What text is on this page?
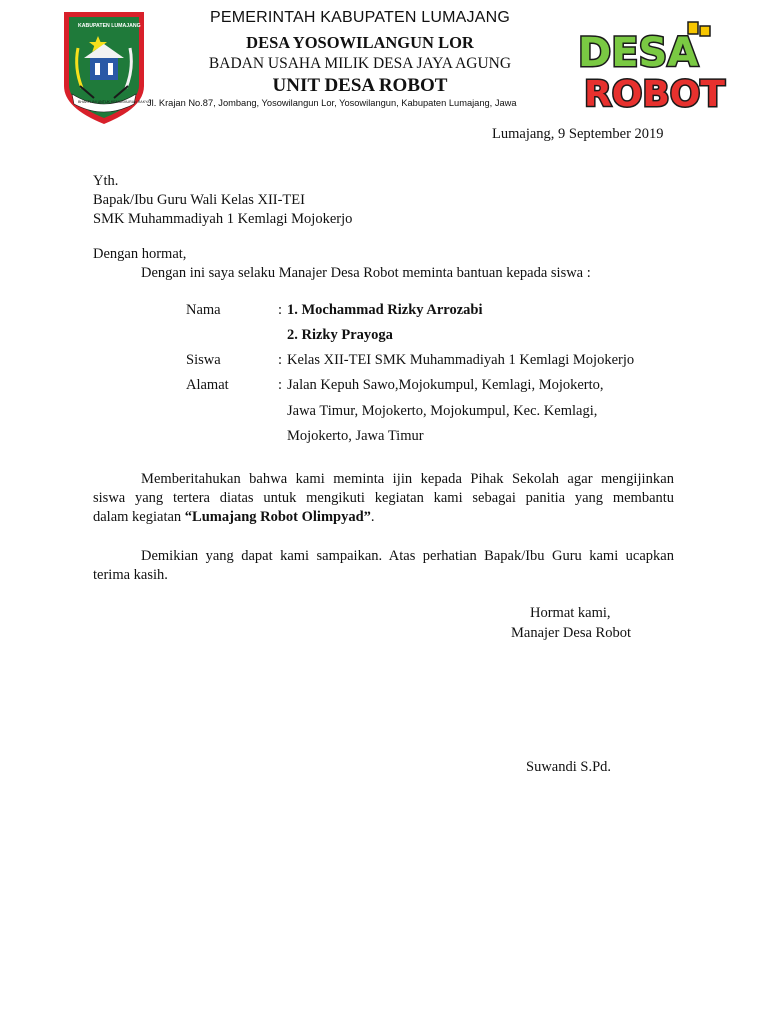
KABUPATEN LUMAJANG
BHAKTI INI UNTUK KEMAKMURAN RAKYAT
PEMERINTAH KABUPATEN LUMAJANG
DESA YOSOWILANGUN LOR
BADAN USAHA MILIK DESA JAYA AGUNG
UNIT DESA ROBOT
Jl. Krajan No.87, Jombang, Yosowilangun Lor, Yosowilangun, Kabupaten Lumajang, Jawa
DESA
ROBOT
Lumajang, 9 September 2019
Yth.
Bapak/Ibu Guru Wali Kelas XII-TEI
SMK Muhammadiyah 1 Kemlagi Mojokerjo
Dengan hormat,
Dengan ini saya selaku Manajer Desa Robot meminta bantuan kepada siswa :
Nama	: 1. Mochammad Rizky Arrozabi
2. Rizky Prayoga
Siswa	: Kelas XII-TEI SMK Muhammadiyah 1 Kemlagi Mojokerjo
Alamat	: Jalan Kepuh Sawo,Mojokumpul, Kemlagi, Mojokerto,
Jawa Timur, Mojokerto, Mojokumpul, Kec. Kemlagi,
Mojokerto, Jawa Timur
Memberitahukan bahwa kami meminta ijin kepada Pihak Sekolah agar mengijinkan
siswa yang tertera diatas untuk mengikuti kegiatan kami sebagai panitia yang membantu
dalam kegiatan “Lumajang Robot Olimpyad”.
Demikian yang dapat kami sampaikan. Atas perhatian Bapak/Ibu Guru kami ucapkan
terima kasih.
Hormat kami,
Manajer Desa Robot
Suwandi S.Pd.
